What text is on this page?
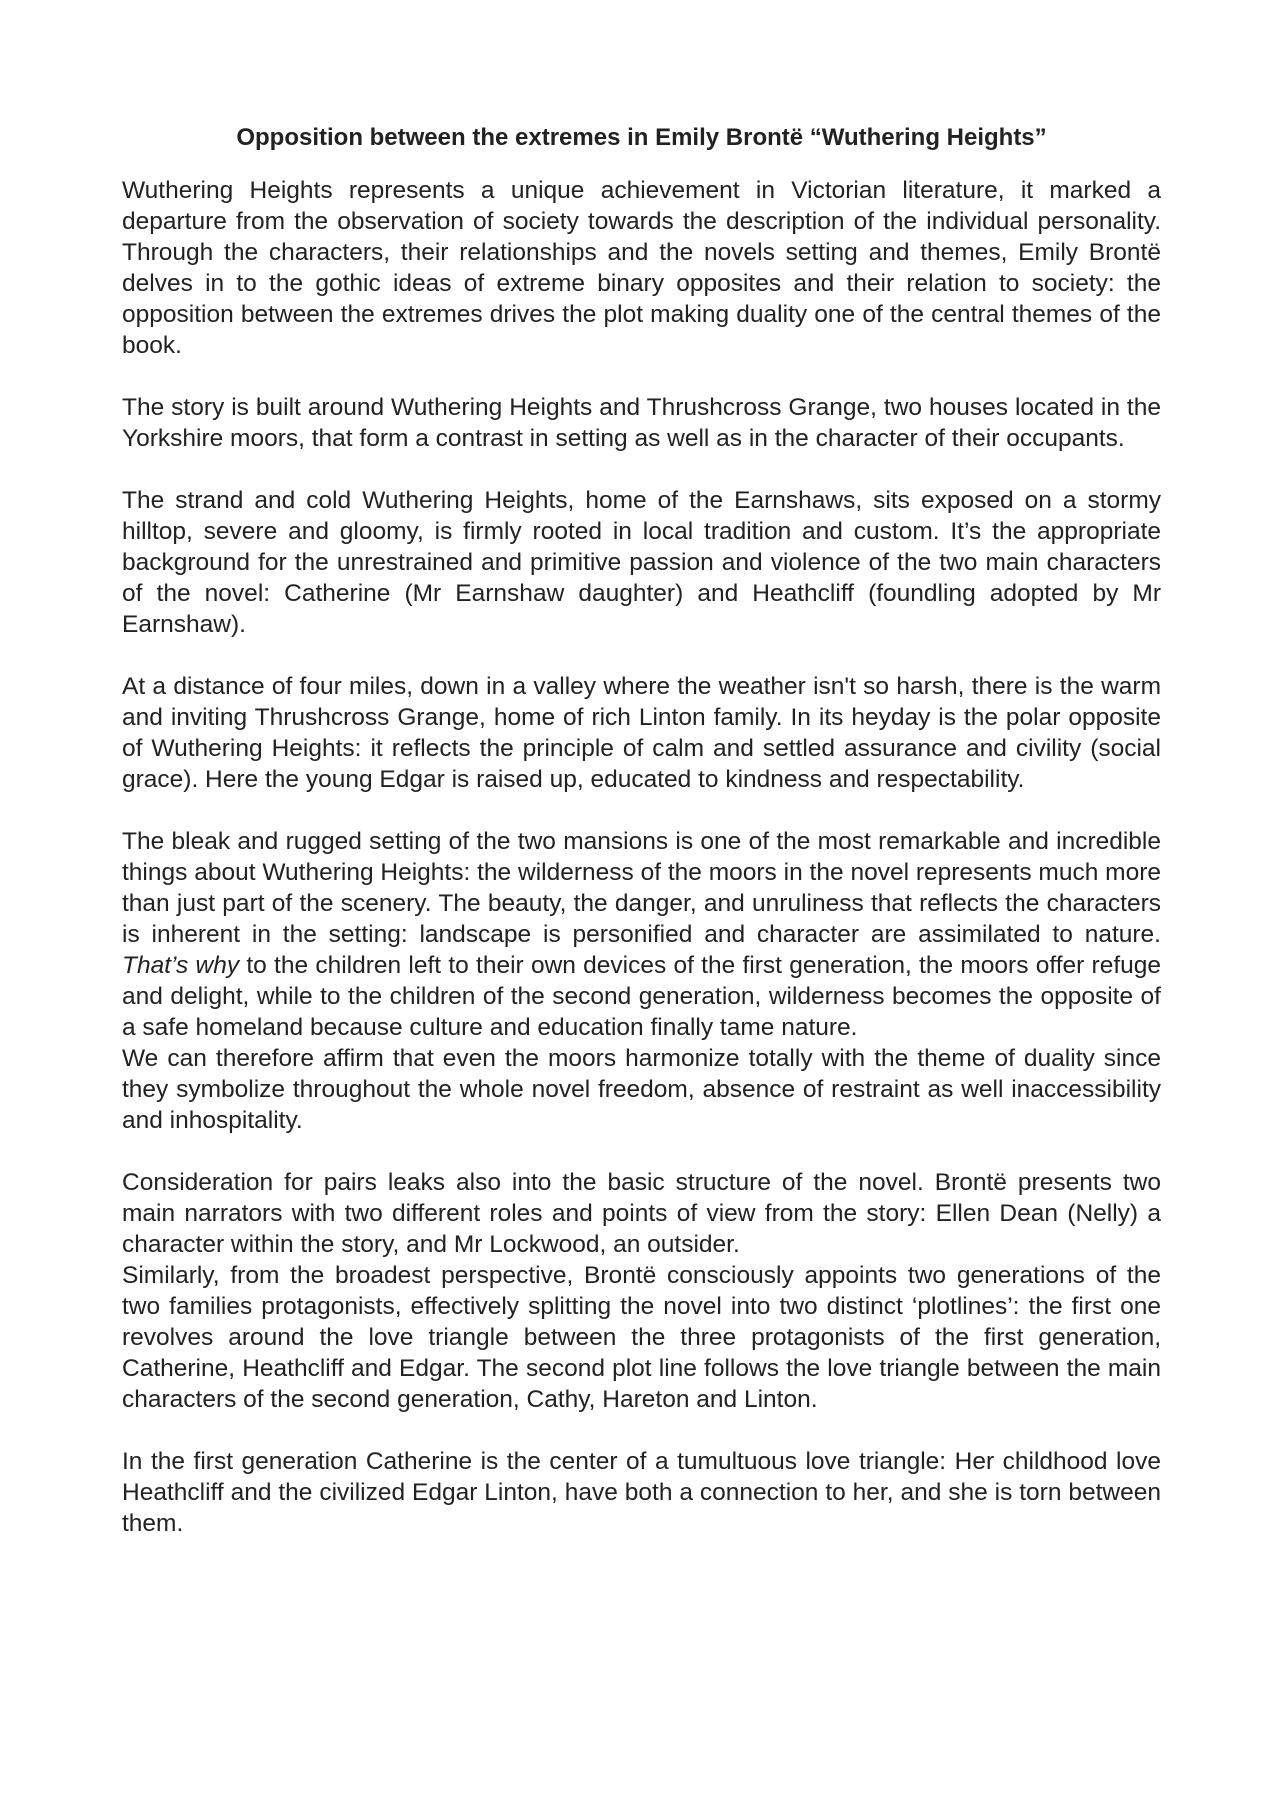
Opposition between the extremes in Emily Brontë “Wuthering Heights”
Wuthering Heights represents a unique achievement in Victorian literature, it marked a departure from the observation of society towards the description of the individual personality. Through the characters, their relationships and the novels setting and themes, Emily Brontë delves in to the gothic ideas of extreme binary opposites and their relation to society: the opposition between the extremes drives the plot making duality one of the central themes of the book.
The story is built around Wuthering Heights and Thrushcross Grange, two houses located in the Yorkshire moors, that form a contrast in setting as well as in the character of their occupants.
The strand and cold Wuthering Heights, home of the Earnshaws, sits exposed on a stormy hilltop, severe and gloomy, is firmly rooted in local tradition and custom. It’s the appropriate background for the unrestrained and primitive passion and violence of the two main characters of the novel: Catherine (Mr Earnshaw daughter) and Heathcliff (foundling adopted by Mr Earnshaw).
At a distance of four miles, down in a valley where the weather isn't so harsh, there is the warm and inviting Thrushcross Grange, home of rich Linton family. In its heyday is the polar opposite of Wuthering Heights: it reflects the principle of calm and settled assurance and civility (social grace). Here the young Edgar is raised up, educated to kindness and respectability.

The bleak and rugged setting of the two mansions is one of the most remarkable and incredible things about Wuthering Heights: the wilderness of the moors in the novel represents much more than just part of the scenery. The beauty, the danger, and unruliness that reflects the characters is inherent in the setting: landscape is personified and character are assimilated to nature. That’s why to the children left to their own devices of the first generation, the moors offer refuge and delight, while to the children of the second generation, wilderness becomes the opposite of a safe homeland because culture and education finally tame nature.

We can therefore affirm that even the moors harmonize totally with the theme of duality since they symbolize throughout the whole novel freedom, absence of restraint as well inaccessibility and inhospitality.

Consideration for pairs leaks also into the basic structure of the novel. Brontë presents two main narrators with two different roles and points of view from the story: Ellen Dean (Nelly) a character within the story, and Mr Lockwood, an outsider.

Similarly, from the broadest perspective, Brontë consciously appoints two generations of the two families protagonists, effectively splitting the novel into two distinct ‘plotlines’: the first one revolves around the love triangle between the three protagonists of the first generation, Catherine, Heathcliff and Edgar. The second plot line follows the love triangle between the main characters of the second generation, Cathy, Hareton and Linton.

In the first generation Catherine is the center of a tumultuous love triangle: Her childhood love Heathcliff and the civilized Edgar Linton, have both a connection to her, and she is torn between them.
